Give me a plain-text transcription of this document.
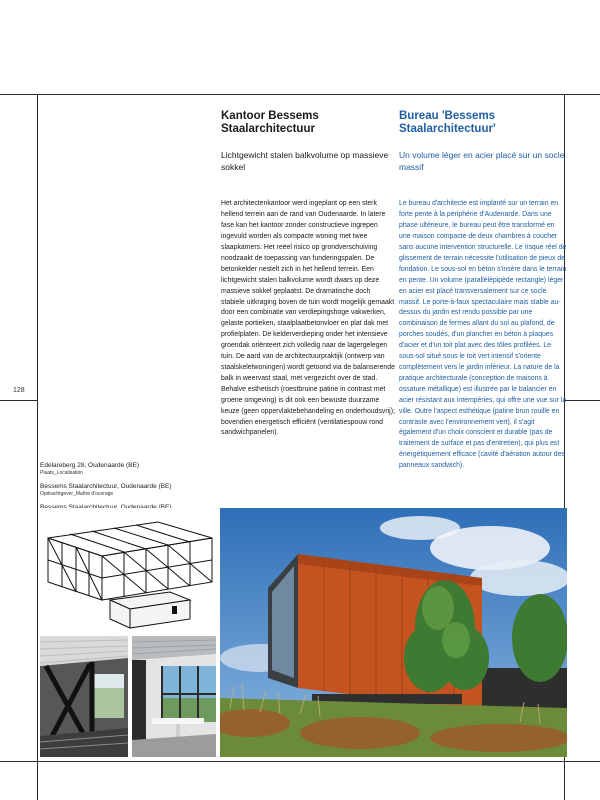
128
Edelareberg 28, Oudenaarde (BE)
Plaats_Localisation
Bessems Staalarchitectuur, Oudenaarde (BE)
Opdrachtgever_Maître d'ouvrage
Kantoor Bessems Staalarchitectuur

Lichtgewicht stalen balkvolume op massieve sokkel

Het architectenkantoor werd ingeplant op een sterk hellend terrein aan de rand van Oudenaarde. In latere fase kan het kantoor zonder constructieve ingrepen ingevuld worden als compacte woning met twee slaapkamers. Het reëel risico op grondverschuiving noodzaakt de toepassing van funderingspalen. De betonkelder nestelt zich in het hellend terrein. Een lichtgewicht stalen balkvolume wordt dwars op deze massieve sokkel geplaatst. De dramatische doch stabiele uitkraging boven de tuin wordt mogelijk gemaakt door een combinatie van verdiepingshoge vakwerken, gelaste portieken, staalplaatbetonvloer en plat dak met profielplaten. De kelderverdieping onder het intensieve groendak oriënteert zich volledig naar de lagergelegen tuin. De aard van de architectuurpraktijk (ontwerp van staalskeletwoningen) wordt getoond via de balanserende balk in weervast staal, met vergezicht over de stad. Behalve esthetisch (roestbruine patine in contrast met groene omgeving) is dit ook een bewuste duurzame keuze (geen oppervlaktebehandeling en onderhoudsvrij); bovendien energetisch efficiënt (ventilatiespouw rond sandwichpanelen).

Bureau 'Bessems Staalarchitectuur'

Un volume léger en acier placé sur un socle massif

Le bureau d'architecte est implanté sur un terrain en forte pente à la périphérie d'Audenarde. Dans une phase ultérieure, le bureau peut être transformé en une maison compacte de deux chambres à coucher sans aucune intervention structurelle. Le risque réel de glissement de terrain nécessite l'utilisation de pieux de fondation. Le sous-sol en béton s'insère dans le terrain en pente. Un volume (parallélépipède rectangle) léger en acier est placé transversalement sur ce socle massif. Le porte-à-faux spectaculaire mais stable au-dessus du jardin est rendu possible par une combinaison de fermes allant du sol au plafond, de porches soudés, d'un plancher en béton à plaques d'acier et d'un toit plat avec des tôles profilées. Le sous-sol situé sous le toit vert intensif s'oriente complètement vers le jardin inférieur. La nature de la pratique architecturale (conception de maisons à ossature métallique) est illustrée par le balancier en acier résistant aux intempéries, qui offre une vue sur la ville. Outre l'aspect esthétique (patine brun rouille en contraste avec l'environnement vert), il s'agit également d'un choix conscient et durable (pas de traitement de surface et pas d'entretien), qui plus est énergétiquement efficace (cavité d'aération autour des panneaux sandwich).
